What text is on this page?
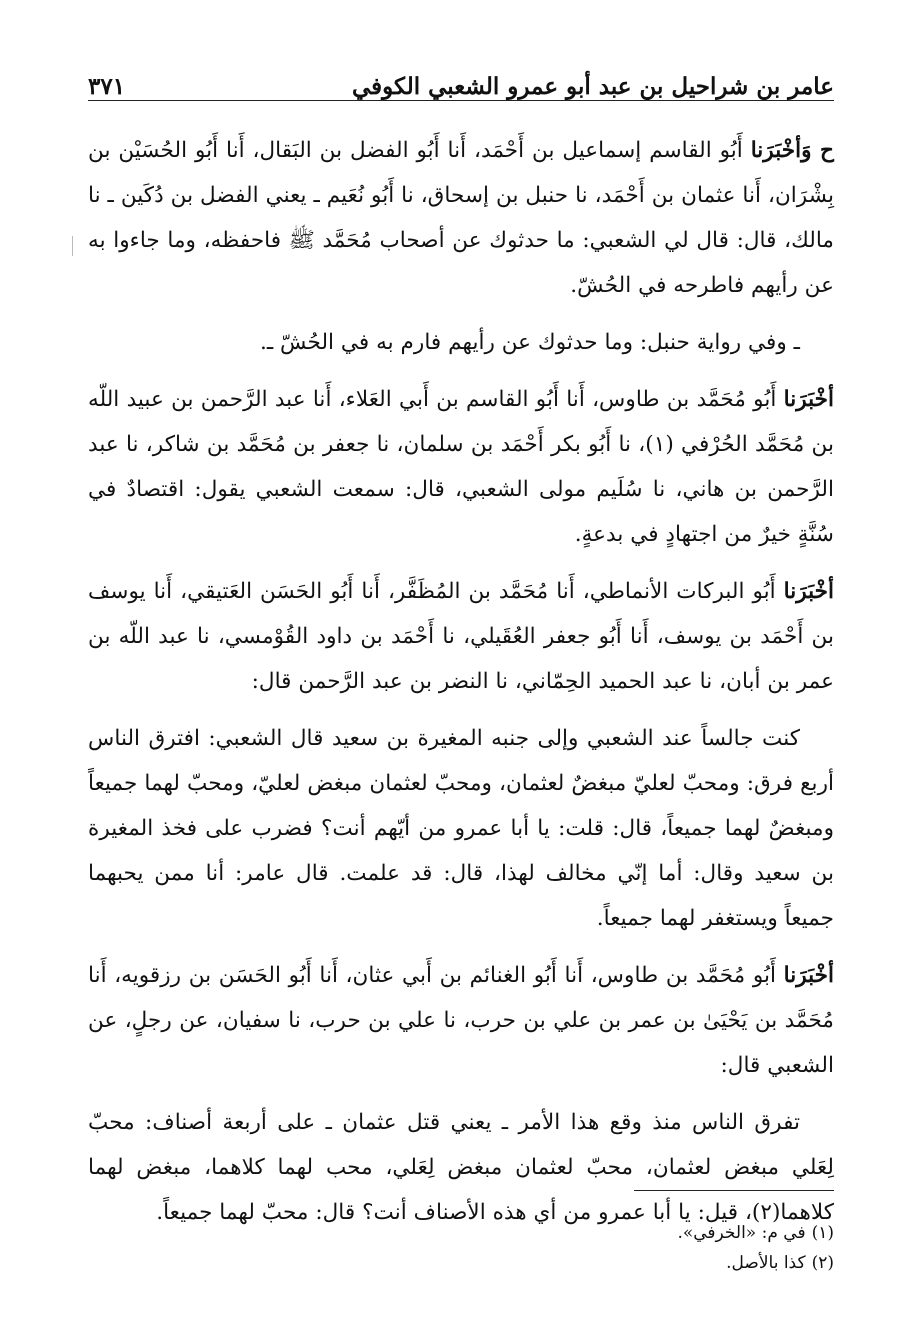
عامر بن شراحيل بن عبد أبو عمرو الشعبي الكوفي
٣٧١

ح وَأخْبَرَنا أَبُو القاسم إسماعيل بن أَحْمَد، أَنا أَبُو الفضل بن البَقال، أَنا أَبُو الحُسَيْن بن بِشْرَان، أَنا عثمان بن أَحْمَد، نا حنبل بن إسحاق، نا أَبُو نُعَيم ـ يعني الفضل بن دُكَين ـ نا مالك، قال: قال لي الشعبي: ما حدثوك عن أصحاب مُحَمَّد ﷺ فاحفظه، وما جاءوا به عن رأيهم فاطرحه في الحُشّ.

ـ وفي رواية حنبل: وما حدثوك عن رأيهم فارم به في الحُشّ ـ.

أخْبَرَنا أَبُو مُحَمَّد بن طاوس، أَنا أَبُو القاسم بن أَبي العَلاء، أَنا عبد الرَّحمن بن عبيد اللّه بن مُحَمَّد الحُرْفي (١)، نا أَبُو بكر أَحْمَد بن سلمان، نا جعفر بن مُحَمَّد بن شاكر، نا عبد الرَّحمن بن هاني، نا سُلَيم مولى الشعبي، قال: سمعت الشعبي يقول: اقتصادٌ في سُنَّةٍ خيرٌ من اجتهادٍ في بدعةٍ.

أخْبَرَنا أَبُو البركات الأنماطي، أَنا مُحَمَّد بن المُظَفَّر، أَنا أَبُو الحَسَن العَتيقي، أَنا يوسف بن أَحْمَد بن يوسف، أَنا أَبُو جعفر العُقَيلي، نا أَحْمَد بن داود القُوْمسي، نا عبد اللّه بن عمر بن أبان، نا عبد الحميد الحِمّاني، نا النضر بن عبد الرَّحمن قال:

كنت جالساً عند الشعبي وإلى جنبه المغيرة بن سعيد قال الشعبي: افترق الناس أربع فرق: ومحبّ لعليّ مبغضٌ لعثمان، ومحبّ لعثمان مبغض لعليّ، ومحبّ لهما جميعاً ومبغضٌ لهما جميعاً، قال: قلت: يا أبا عمرو من أيّهم أنت؟ فضرب على فخذ المغيرة بن سعيد وقال: أما إنّي مخالف لهذا، قال: قد علمت. قال عامر: أنا ممن يحبهما جميعاً ويستغفر لهما جميعاً.

أخْبَرَنا أَبُو مُحَمَّد بن طاوس، أَنا أَبُو الغنائم بن أَبي عثان، أَنا أَبُو الحَسَن بن رزقويه، أَنا مُحَمَّد بن يَحْيَىٰ بن عمر بن علي بن حرب، نا علي بن حرب، نا سفيان، عن رجلٍ، عن الشعبي قال:

تفرق الناس منذ وقع هذا الأمر ـ يعني قتل عثمان ـ على أربعة أصناف: محبّ لِعَلي مبغض لعثمان، محبّ لعثمان مبغض لِعَلي، محب لهما كلاهما، مبغض لهما كلاهما(٢)، قيل: يا أبا عمرو من أي هذه الأصناف أنت؟ قال: محبّ لهما جميعاً.

(١)
في م: «الخرفي».
(٢)
كذا بالأصل.
